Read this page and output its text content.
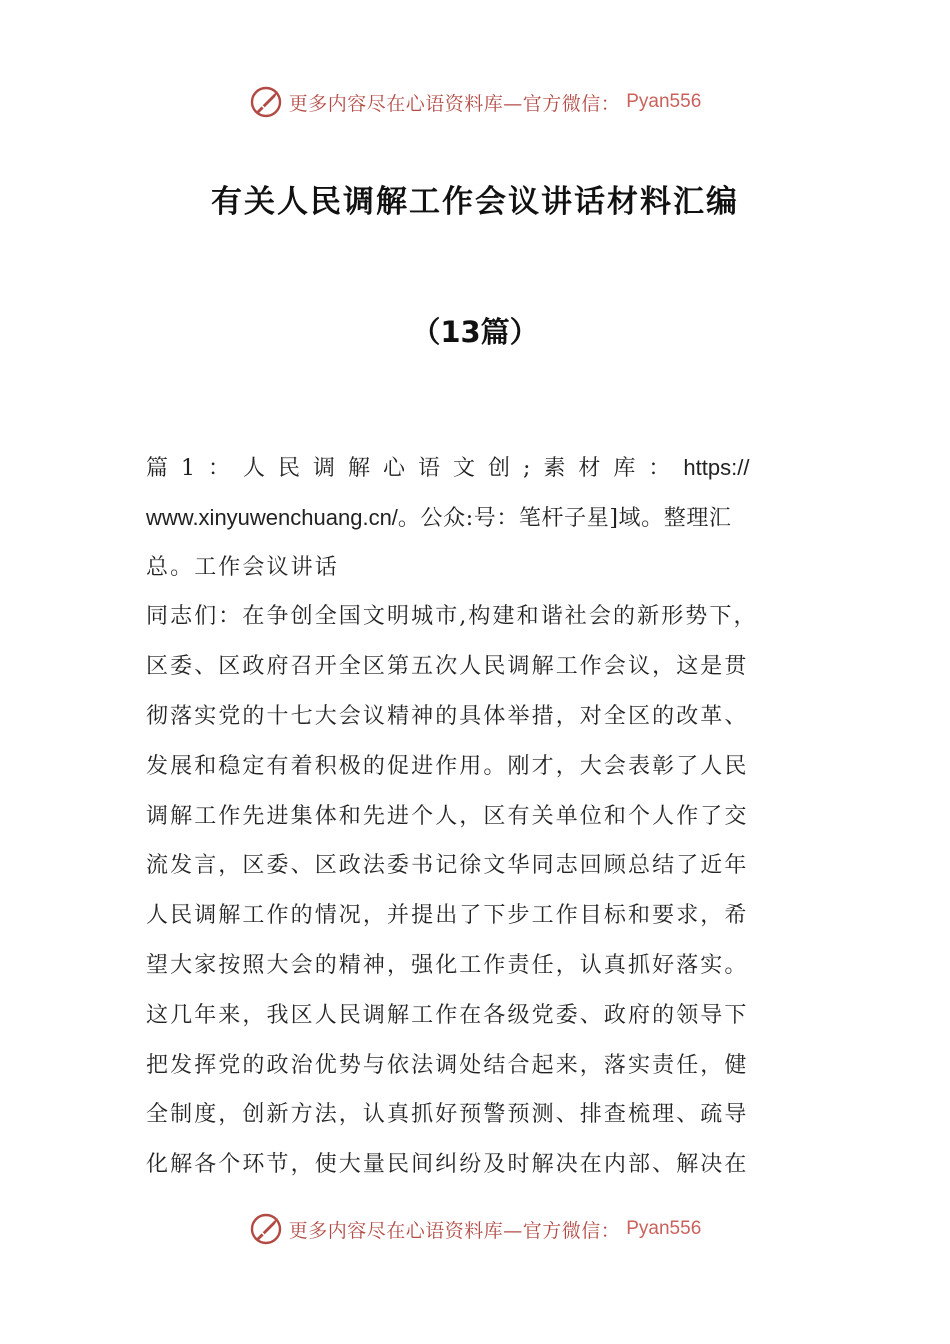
更多内容尽在心语资料库—官方微信： Pyan556
有关人民调解工作会议讲话材料汇编
（13篇）
篇1：人民调解心语文创;素材库：https://
www.xinyuwenchuang.cn/。公众:号：笔杆子星]域。整理汇
总。工作会议讲话
同志们：在争创全国文明城市,构建和谐社会的新形势下，
区委、区政府召开全区第五次人民调解工作会议，这是贯
彻落实党的十七大会议精神的具体举措，对全区的改革、
发展和稳定有着积极的促进作用。刚才，大会表彰了人民
调解工作先进集体和先进个人，区有关单位和个人作了交
流发言，区委、区政法委书记徐文华同志回顾总结了近年
人民调解工作的情况，并提出了下步工作目标和要求，希
望大家按照大会的精神，强化工作责任，认真抓好落实。
这几年来，我区人民调解工作在各级党委、政府的领导下
把发挥党的政治优势与依法调处结合起来，落实责任，健
全制度，创新方法，认真抓好预警预测、排查梳理、疏导
化解各个环节，使大量民间纠纷及时解决在内部、解决在
更多内容尽在心语资料库—官方微信： Pyan556
